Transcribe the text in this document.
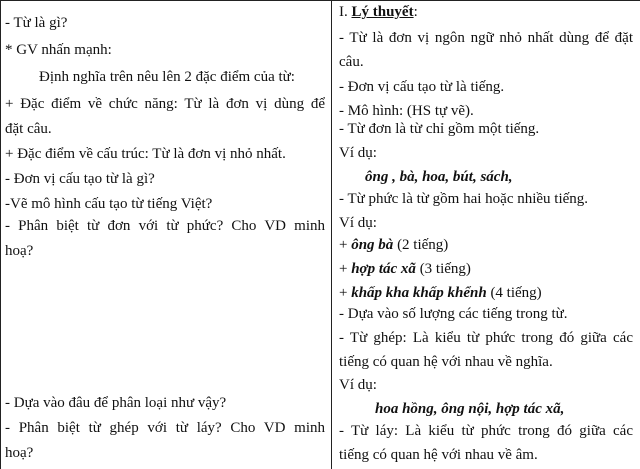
- Từ là gì?
* GV nhấn mạnh:
Định nghĩa trên nêu lên 2 đặc điểm của từ:
+ Đặc điểm về chức năng: Từ là đơn vị dùng để
đặt câu.
+ Đặc điểm về cấu trúc: Từ là đơn vị nhỏ nhất.
- Đơn vị cấu tạo từ là gì?
-Vẽ mô hình cấu tạo từ tiếng Việt?
- Phân biệt từ đơn với từ phức? Cho VD minh
hoạ?
- Dựa vào đâu để phân loại như vậy?
- Phân biệt từ ghép với từ láy? Cho VD minh
hoạ?
I. Lý thuyết:
- Từ là đơn vị ngôn ngữ nhỏ nhất dùng để đặt
câu.
- Đơn vị cấu tạo từ là tiếng.
- Mô hình: (HS tự vẽ).
- Từ đơn là từ chỉ gồm một tiếng.
Ví dụ:
ông , bà, hoa, bút, sách,
- Từ phức là từ gồm hai hoặc nhiều tiếng.
Ví dụ:
+ ông bà (2 tiếng)
+ hợp tác xã (3 tiếng)
+ khấp kha khấp khểnh (4 tiếng)
- Dựa vào số lượng các tiếng trong từ.
- Từ ghép: Là kiểu từ phức trong đó giữa các
tiếng có quan hệ với nhau về nghĩa.
Ví dụ:
hoa hồng, ông nội, hợp tác xã,
- Từ láy: Là kiểu từ phức trong đó giữa các
tiếng có quan hệ với nhau về âm.
